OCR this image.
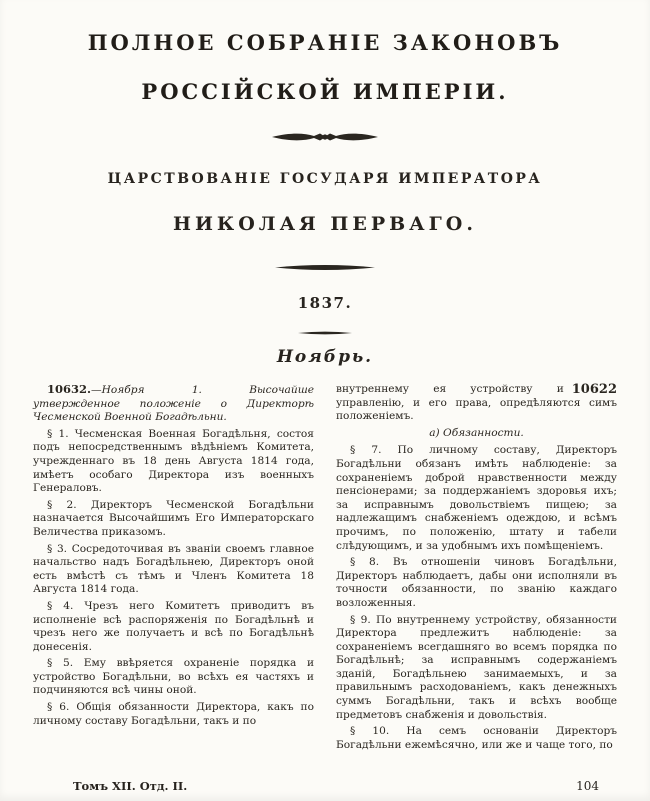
ПОЛНОЕ СОБРАНІЕ ЗАКОНОВЪ
РОССІЙСКОЙ ИМПЕРІИ.
ЦАРСТВОВАНІЕ ГОСУДАРЯ ИМПЕРАТОРА
НИКОЛАЯ ПЕРВАГО.
1837.
Ноябрь.

10632.—Ноября 1. Высочайше утвержденное положеніе о Директорѣ Чесменской Военной Богадѣльни.

§ 1. Чесменская Военная Богадѣльня, состоя подъ непосредственнымъ вѣдѣніемъ Комитета, учрежденнаго въ 18 день Августа 1814 года, имѣетъ особаго Директора изъ военныхъ Генераловъ.

§ 2. Директоръ Чесменской Богадѣльни назначается Высочайшимъ Его Императорскаго Величества приказомъ.

§ 3. Сосредоточивая въ званіи своемъ главное начальство надъ Богадѣльнею, Директоръ оной есть вмѣстѣ съ тѣмъ и Членъ Комитета 18 Августа 1814 года.

§ 4. Чрезъ него Комитетъ приводитъ въ исполненіе всѣ распоряженія по Богадѣльнѣ и чрезъ него же получаетъ и всѣ по Богадѣльнѣ донесенія.

§ 5. Ему ввѣряется охраненіе порядка и устройство Богадѣльни, во всѣхъ ея частяхъ и подчиняются всѣ чины оной.

§ 6. Общія обязанности Директора, какъ по личному составу Богадѣльни, такъ и по

10622
внутреннему ея устройству и управленію, и его права, опредѣляются симъ положеніемъ.

а) Обязанности.

§ 7. По личному составу, Директоръ Богадѣльни обязанъ имѣть наблюденіе: за сохраненіемъ доброй нравственности между пенсіонерами; за поддержаніемъ здоровья ихъ; за исправнымъ довольствіемъ пищею; за надлежащимъ снабженіемъ одеждою, и всѣмъ прочимъ, по положенію, штату и табели слѣдующимъ, и за удобнымъ ихъ помѣщеніемъ.

§ 8. Въ отношеніи чиновъ Богадѣльни, Директоръ наблюдаетъ, дабы они исполняли въ точности обязанности, по званію каждаго возложенныя.

§ 9. По внутреннему устройству, обязанности Директора предлежитъ наблюденіе: за сохраненіемъ всегдашняго во всемъ порядка по Богадѣльнѣ; за исправнымъ содержаніемъ зданій, Богадѣльнею занимаемыхъ, и за правильнымъ расходованіемъ, какъ денежныхъ суммъ Богадѣльни, такъ и всѣхъ вообще предметовъ снабженія и довольствія.

§ 10. На семъ основаніи Директоръ Богадѣльни ежемѣсячно, или же и чаще того, по

Томъ XII. Отд. II.	104
